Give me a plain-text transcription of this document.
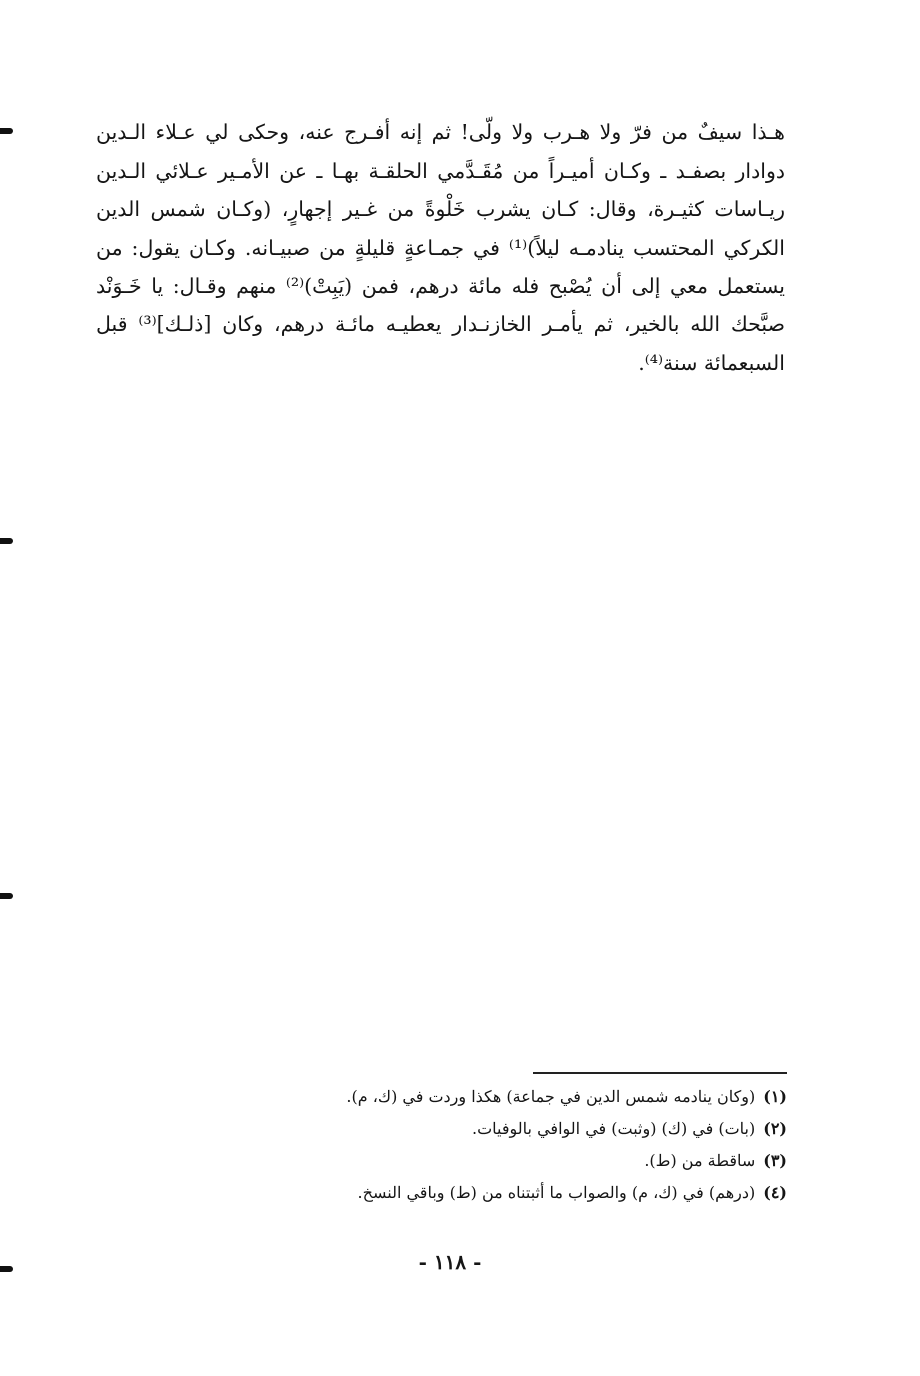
هـذا سيفٌ من فرّ ولا هـرب ولا ولّى! ثم إنه أفـرج عنه، وحكى لي عـلاء الـدين
دوادار بصفـد ـ وكـان أميـراً من مُقَـدَّمي الحلقـة بهـا ـ عن الأمـير عـلائي الـدين
ريـاسات كثيـرة، وقال: كـان يشرب خَلْوةً من غـير إجهارٍ، (وكـان شمس الدين
الكركي المحتسب ينادمـه ليلاً)⁽¹⁾ في جمـاعةٍ قليلةٍ من صبيـانه. وكـان يقول: من
يستعمل معي إلى أن يُصْبح فله مائة درهم، فمن (يَبِتْ)⁽²⁾ منهم وقـال: يا خَـوَنْد
صبَّحك الله بالخير، ثم يأمـر الخازنـدار يعطيـه مائـة درهم، وكان [ذلـك]⁽³⁾ قبل
السبعمائة سنة⁽⁴⁾.
(١)(وكان ينادمه شمس الدين في جماعة) هكذا وردت في (ك، م).
(٢)(بات) في (ك) (وثبت) في الوافي بالوفيات.
(٣)ساقطة من (ط).
(٤)(درهم) في (ك، م) والصواب ما أثبتناه من (ط) وباقي النسخ.
- ١١٨ -
